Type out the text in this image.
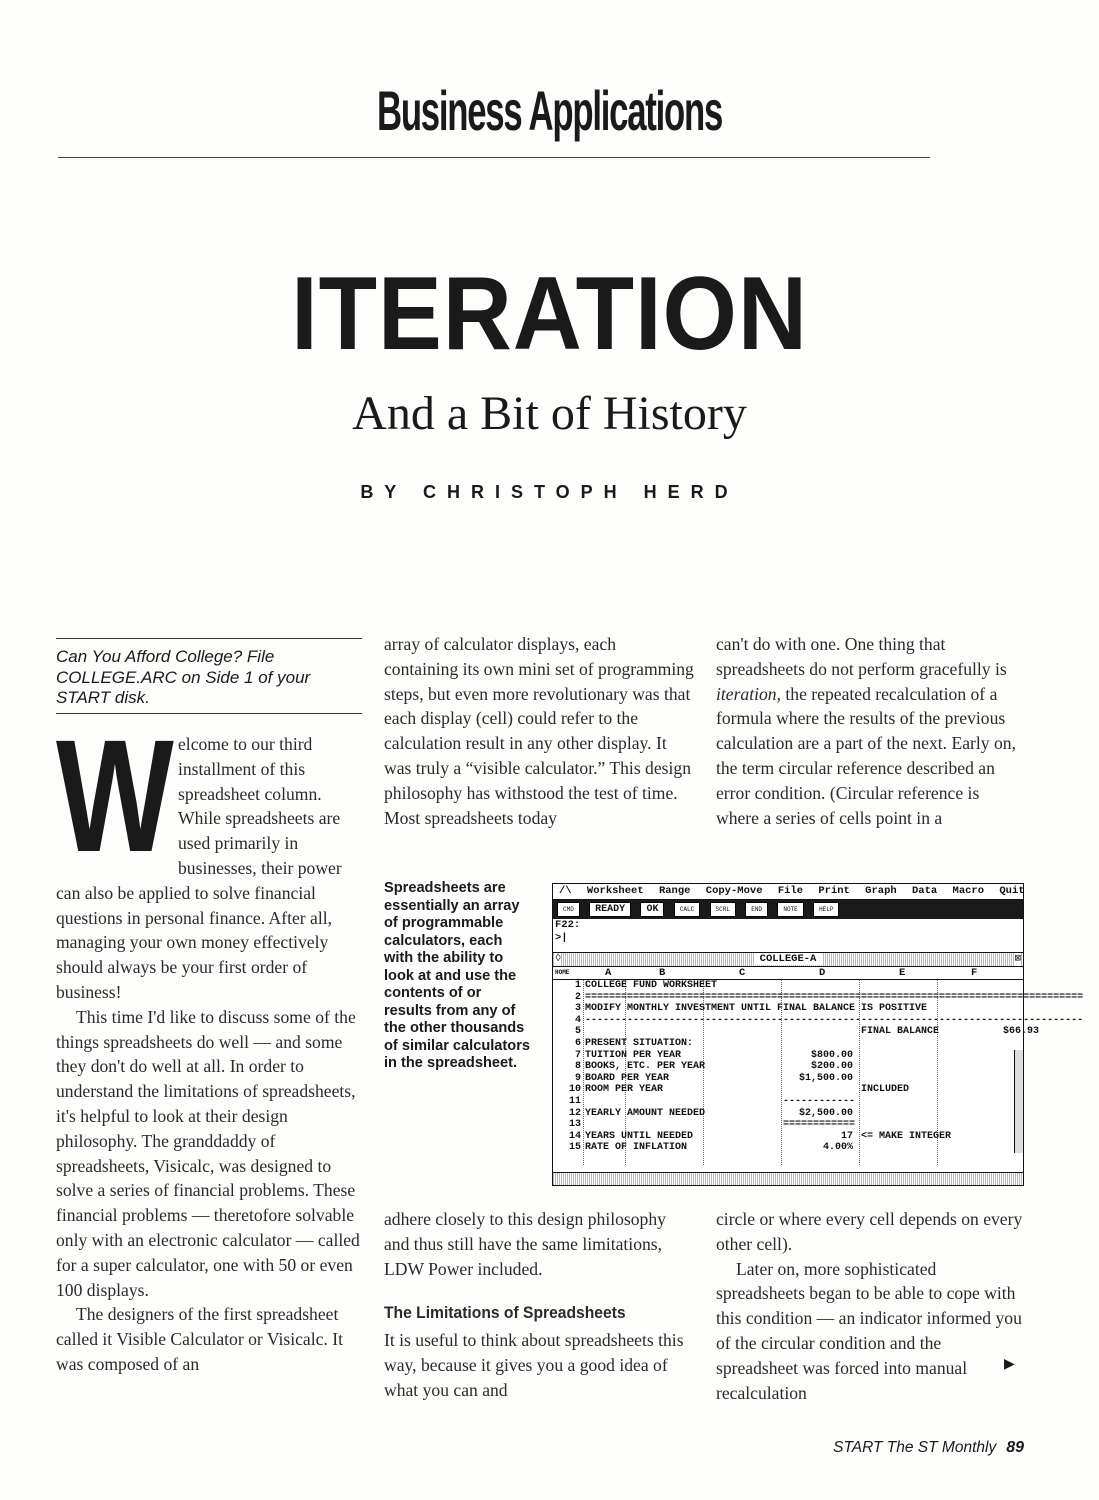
Business Applications
ITERATION
And a Bit of History
BY CHRISTOPH HERD
Can You Afford College? File COLLEGE.ARC on Side 1 of your START disk.
W elcome to our third installment of this spreadsheet column. While spreadsheets are used primarily in businesses, their power can also be applied to solve financial questions in personal finance. After all, managing your own money effectively should always be your first order of business!

This time I'd like to discuss some of the things spreadsheets do well — and some they don't do well at all. In order to understand the limitations of spreadsheets, it's helpful to look at their design philosophy. The granddaddy of spreadsheets, Visicalc, was designed to solve a series of financial problems. These financial problems — theretofore solvable only with an electronic calculator — called for a super calculator, one with 50 or even 100 displays.

The designers of the first spreadsheet called it Visible Calculator or Visicalc. It was composed of an

array of calculator displays, each containing its own mini set of programming steps, but even more revolutionary was that each display (cell) could refer to the calculation result in any other display. It was truly a “visible calculator.” This design philosophy has withstood the test of time. Most spreadsheets today

Spreadsheets are essentially an array of programmable calculators, each with the ability to look at and use the contents of or results from any of the other thousands of similar calculators in the spreadsheet.

adhere closely to this design philosophy and thus still have the same limitations, LDW Power included.

The Limitations of Spreadsheets

It is useful to think about spreadsheets this way, because it gives you a good idea of what you can and

can't do with one. One thing that spreadsheets do not perform gracefully is iteration, the repeated recalculation of a formula where the results of the previous calculation are a part of the next. Early on, the term circular reference described an error condition. (Circular reference is where a series of cells point in a

circle or where every cell depends on every other cell).

Later on, more sophisticated spreadsheets began to be able to cope with this condition — an indicator informed you of the circular condition and the spreadsheet was forced into manual recalculation

▶
/\ Worksheet Range Copy-Move File Print Graph Data Macro Quit
CMD READY OK	CALC	SCRL	END	NOTE	HELP
F22:
>|
◊	COLLEGE-A	⊠
HOME	A	B	C	D	E	F
1 COLLEGE FUND WORKSHEET
2 ===================================================================================
3 MODIFY MONTHLY INVESTMENT UNTIL FINAL BALANCE IS POSITIVE
4 -----------------------------------------------------------------------------------
5	FINAL BALANCE	$66.93
6 PRESENT SITUATION:
7 TUITION PER YEAR	$800.00
8 BOOKS, ETC. PER YEAR	$200.00
9 BOARD PER YEAR	$1,500.00
10 ROOM PER YEAR	INCLUDED
11	------------
12 YEARLY AMOUNT NEEDED	$2,500.00
13	============
14 YEARS UNTIL NEEDED	17 <= MAKE INTEGER
15 RATE OF INFLATION	4.00%
START The ST Monthly 89
